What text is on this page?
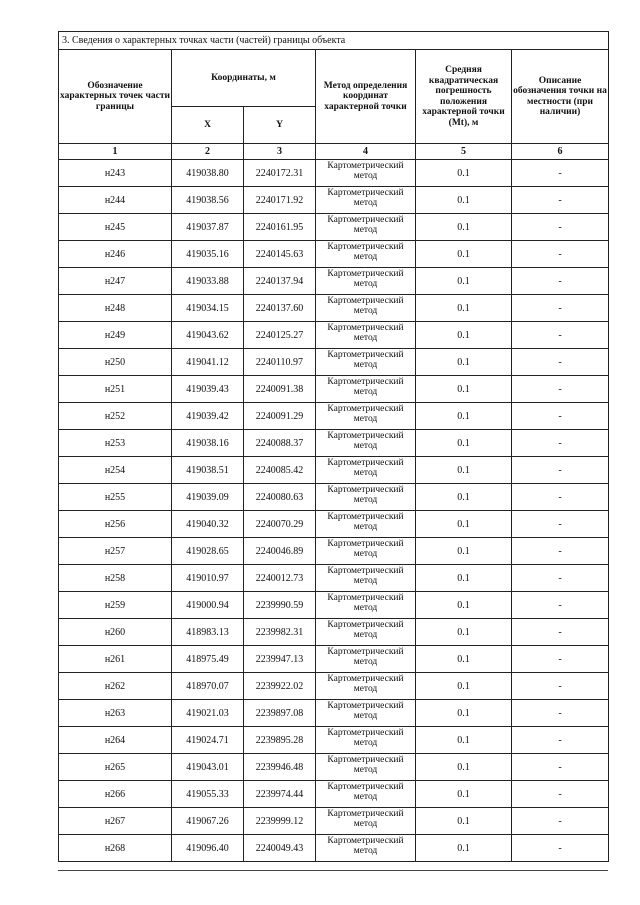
3. Сведения о характерных точках части (частей) границы объекта					
Обозначение характерных точек части границы	Координаты, м		Метод определения координат характерной точки	Средняя квадратическая погрешность положения характерной точки (Mt), м	Описание обозначения точки на местности (при наличии)
	X	Y			
1	2	3	4	5	6
н243	419038.80	2240172.31	Картометрический метод	0.1	-
н244	419038.56	2240171.92	Картометрический метод	0.1	-
н245	419037.87	2240161.95	Картометрический метод	0.1	-
н246	419035.16	2240145.63	Картометрический метод	0.1	-
н247	419033.88	2240137.94	Картометрический метод	0.1	-
н248	419034.15	2240137.60	Картометрический метод	0.1	-
н249	419043.62	2240125.27	Картометрический метод	0.1	-
н250	419041.12	2240110.97	Картометрический метод	0.1	-
н251	419039.43	2240091.38	Картометрический метод	0.1	-
н252	419039.42	2240091.29	Картометрический метод	0.1	-
н253	419038.16	2240088.37	Картометрический метод	0.1	-
н254	419038.51	2240085.42	Картометрический метод	0.1	-
н255	419039.09	2240080.63	Картометрический метод	0.1	-
н256	419040.32	2240070.29	Картометрический метод	0.1	-
н257	419028.65	2240046.89	Картометрический метод	0.1	-
н258	419010.97	2240012.73	Картометрический метод	0.1	-
н259	419000.94	2239990.59	Картометрический метод	0.1	-
н260	418983.13	2239982.31	Картометрический метод	0.1	-
н261	418975.49	2239947.13	Картометрический метод	0.1	-
н262	418970.07	2239922.02	Картометрический метод	0.1	-
н263	419021.03	2239897.08	Картометрический метод	0.1	-
н264	419024.71	2239895.28	Картометрический метод	0.1	-
н265	419043.01	2239946.48	Картометрический метод	0.1	-
н266	419055.33	2239974.44	Картометрический метод	0.1	-
н267	419067.26	2239999.12	Картометрический метод	0.1	-
н268	419096.40	2240049.43	Картометрический метод	0.1	-
